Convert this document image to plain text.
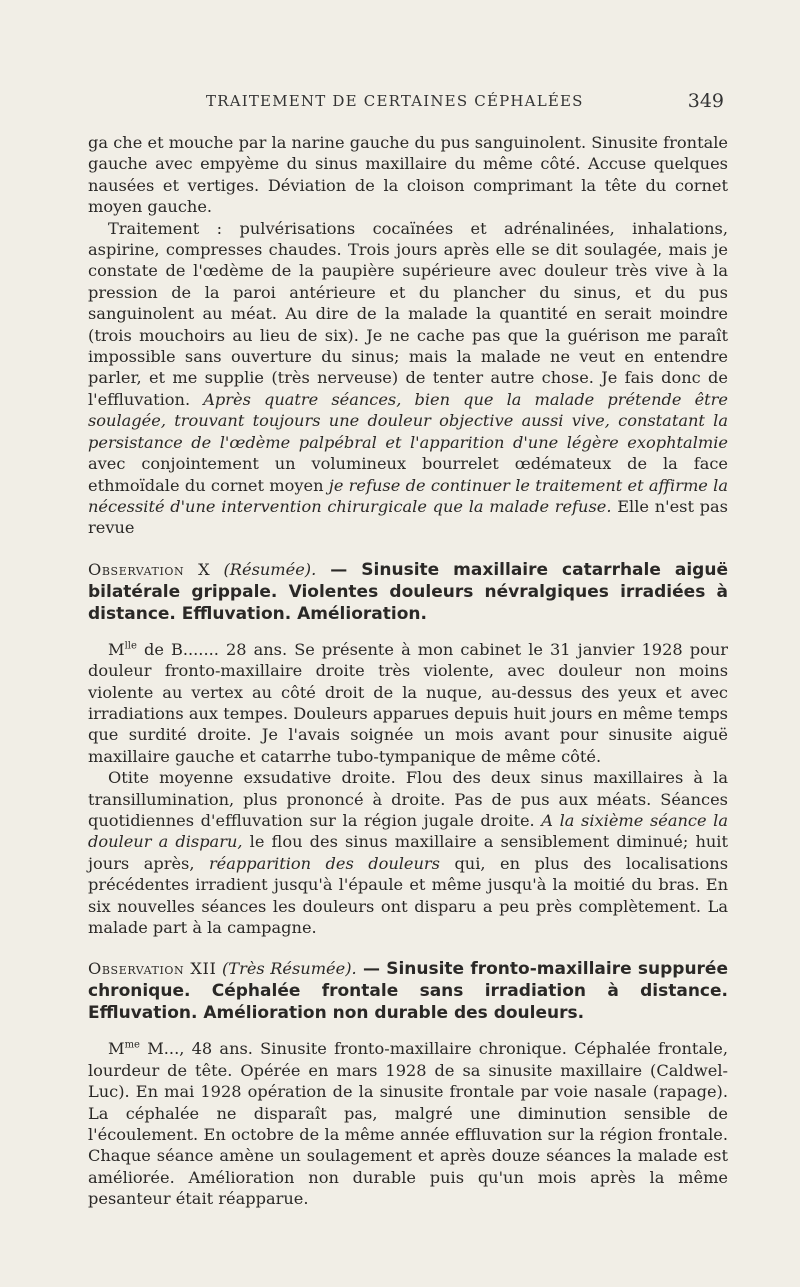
TRAITEMENT DE CERTAINES CÉPHALÉES	349

ga che et mouche par la narine gauche du pus sanguinolent. Sinusite frontale gauche avec empyème du sinus maxillaire du même côté. Accuse quelques nausées et vertiges. Déviation de la cloison comprimant la tête du cornet moyen gauche.

Traitement : pulvérisations cocaïnées et adrénalinées, inhalations, aspirine, compresses chaudes. Trois jours après elle se dit soulagée, mais je constate de l'œdème de la paupière supérieure avec douleur très vive à la pression de la paroi antérieure et du plancher du sinus, et du pus sanguinolent au méat. Au dire de la malade la quantité en serait moindre (trois mouchoirs au lieu de six). Je ne cache pas que la guérison me paraît impossible sans ouverture du sinus; mais la malade ne veut en entendre parler, et me supplie (très nerveuse) de tenter autre chose. Je fais donc de l'effluvation. Après quatre séances, bien que la malade prétende être soulagée, trouvant toujours une douleur objective aussi vive, constatant la persistance de l'œdème palpébral et l'apparition d'une légère exophtalmie avec conjointement un volumineux bourrelet œdémateux de la face ethmoïdale du cornet moyen je refuse de continuer le traitement et affirme la nécessité d'une intervention chirurgicale que la malade refuse. Elle n'est pas revue

Observation X (Résumée). — Sinusite maxillaire catarrhale aiguë bilatérale grippale. Violentes douleurs névralgiques irradiées à distance. Effluvation. Amélioration.

$M^{lle}$ de B....... 28 ans. Se présente à mon cabinet le 31 janvier 1928 pour douleur fronto-maxillaire droite très violente, avec douleur non moins violente au vertex au côté droit de la nuque, au-dessus des yeux et avec irradiations aux tempes. Douleurs apparues depuis huit jours en même temps que surdité droite. Je l'avais soignée un mois avant pour sinusite aiguë maxillaire gauche et catarrhe tubo-tympanique de même côté.

Otite moyenne exsudative droite. Flou des deux sinus maxillaires à la transillumination, plus prononcé à droite. Pas de pus aux méats. Séances quotidiennes d'effluvation sur la région jugale droite. A la sixième séance la douleur a disparu, le flou des sinus maxillaire a sensiblement diminué; huit jours après, réapparition des douleurs qui, en plus des localisations précédentes irradient jusqu'à l'épaule et même jusqu'à la moitié du bras. En six nouvelles séances les douleurs ont disparu a peu près complètement. La malade part à la campagne.

Observation XII (Très Résumée). — Sinusite fronto-maxillaire suppurée chronique. Céphalée frontale sans irradiation à distance. Effluvation. Amélioration non durable des douleurs.

$M^{me}$ M..., 48 ans. Sinusite fronto-maxillaire chronique. Céphalée frontale, lourdeur de tête. Opérée en mars 1928 de sa sinusite maxillaire (Caldwel-Luc). En mai 1928 opération de la sinusite frontale par voie nasale (rapage). La céphalée ne disparaît pas, malgré une diminution sensible de l'écoulement. En octobre de la même année effluvation sur la région frontale. Chaque séance amène un soulagement et après douze séances la malade est améliorée. Amélioration non durable puis qu'un mois après la même pesanteur était réapparue.
